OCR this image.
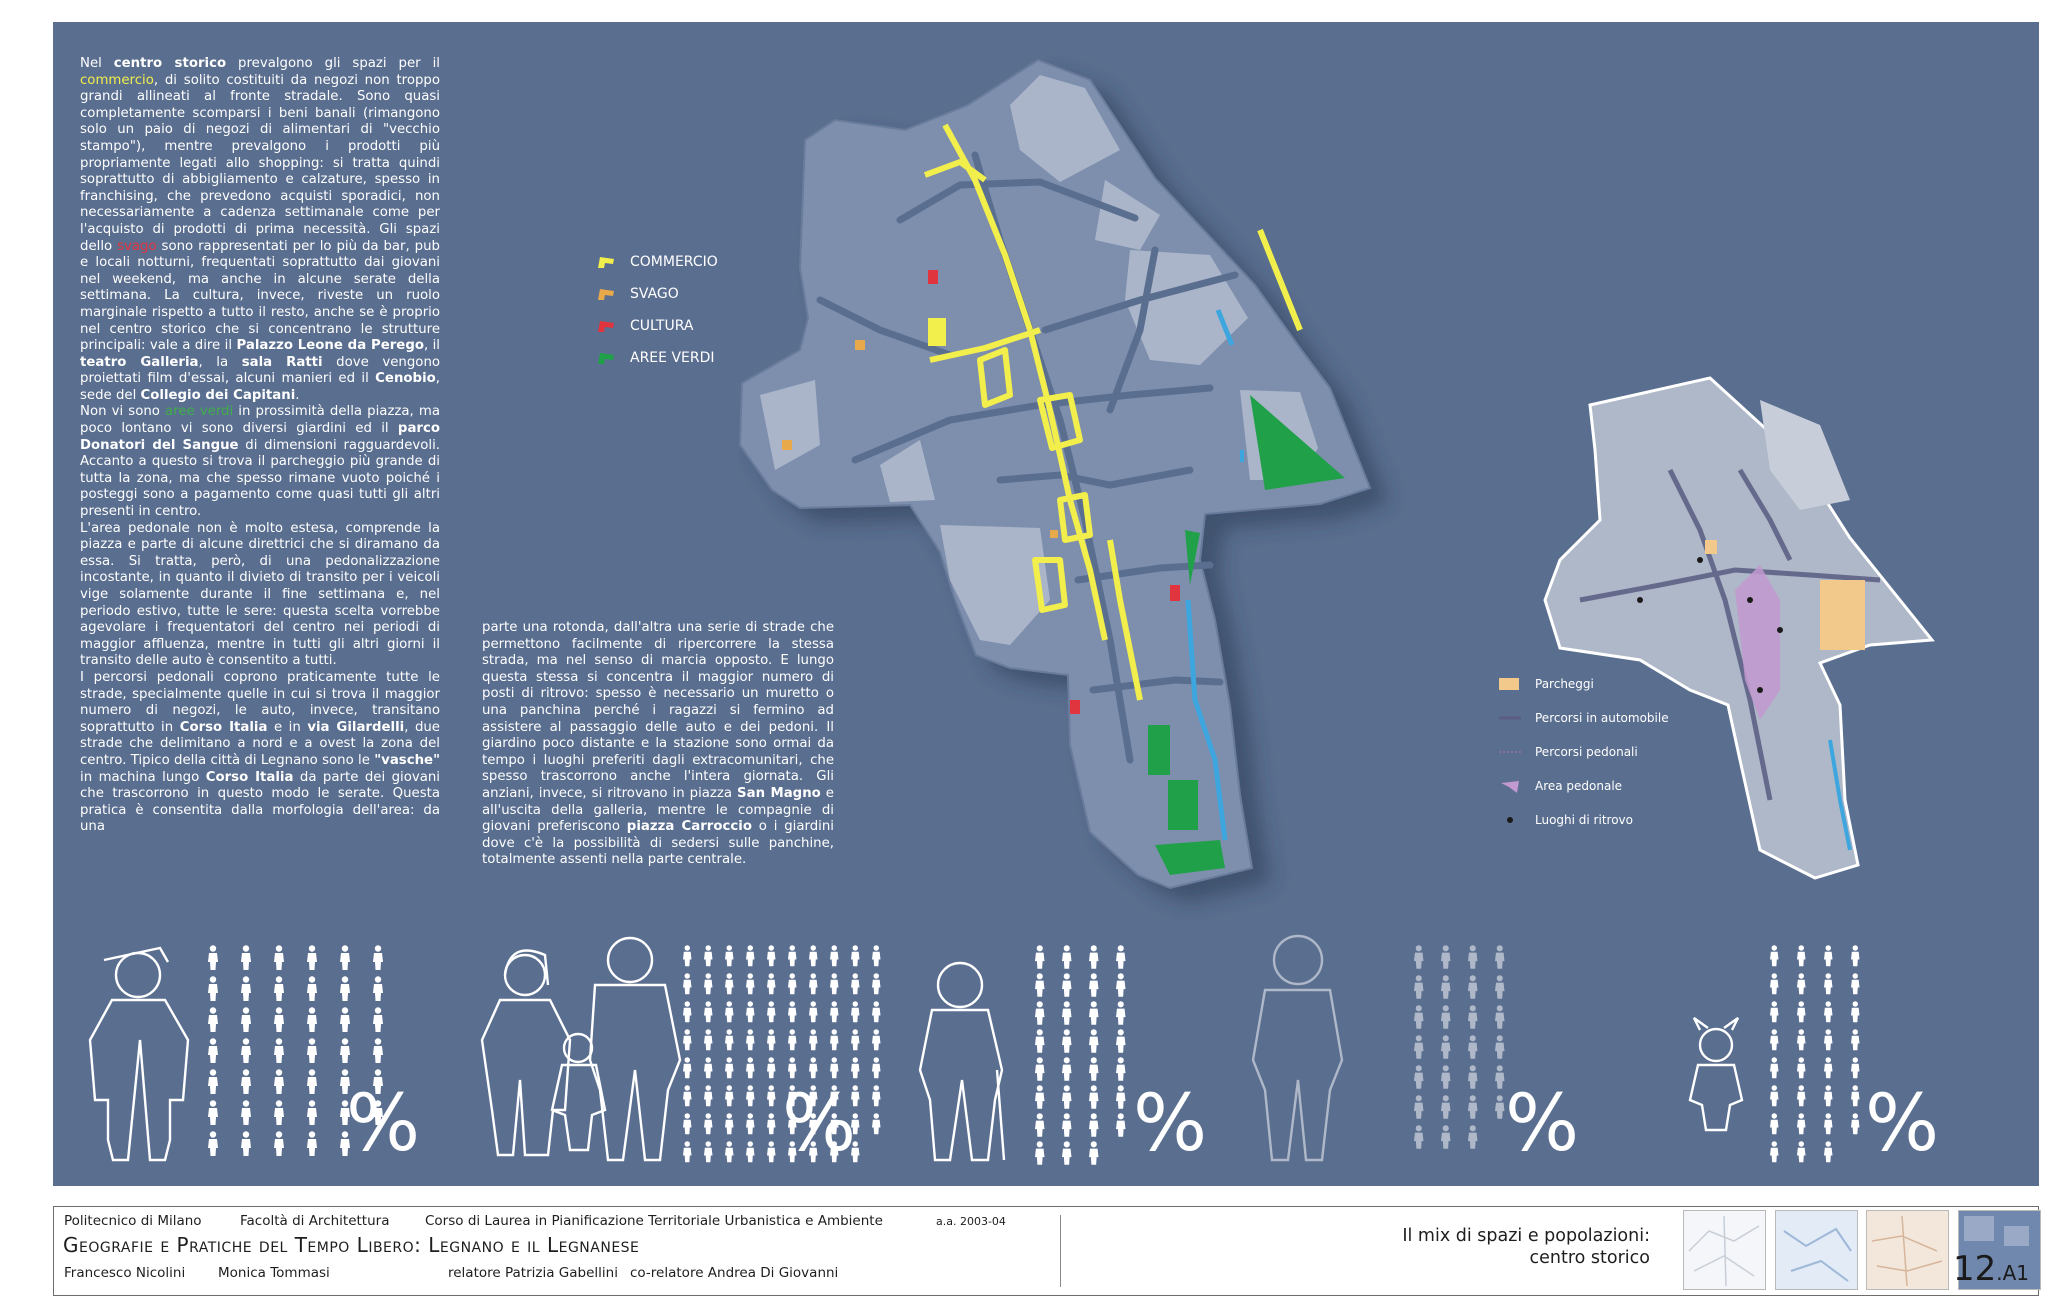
Nel centro storico prevalgono gli spazi per il commercio, di solito costituiti da negozi non troppo grandi allineati al fronte stradale. Sono quasi completamente scomparsi i beni banali (rimangono solo un paio di negozi di alimentari di "vecchio stampo"), mentre prevalgono i prodotti più propriamente legati allo shopping: si tratta quindi soprattutto di abbigliamento e calzature, spesso in franchising, che prevedono acquisti sporadici, non necessariamente a cadenza settimanale come per l'acquisto di prodotti di prima necessità. Gli spazi dello svago sono rappresentati per lo più da bar, pub e locali notturni, frequentati soprattutto dai giovani nel weekend, ma anche in alcune serate della settimana. La cultura, invece, riveste un ruolo marginale rispetto a tutto il resto, anche se è proprio nel centro storico che si concentrano le strutture principali: vale a dire il Palazzo Leone da Perego, il teatro Galleria, la sala Ratti dove vengono proiettati film d'essai, alcuni manieri ed il Cenobio, sede del Collegio dei Capitani.

Non vi sono aree verdi in prossimità della piazza, ma poco lontano vi sono diversi giardini ed il parco Donatori del Sangue di dimensioni ragguardevoli. Accanto a questo si trova il parcheggio più grande di tutta la zona, ma che spesso rimane vuoto poiché i posteggi sono a pagamento come quasi tutti gli altri presenti in centro.

L'area pedonale non è molto estesa, comprende la piazza e parte di alcune direttrici che si diramano da essa. Si tratta, però, di una pedonalizzazione incostante, in quanto il divieto di transito per i veicoli vige solamente durante il fine settimana e, nel periodo estivo, tutte le sere: questa scelta vorrebbe agevolare i frequentatori del centro nei periodi di maggior affluenza, mentre in tutti gli altri giorni il transito delle auto è consentito a tutti.

I percorsi pedonali coprono praticamente tutte le strade, specialmente quelle in cui si trova il maggior numero di negozi, le auto, invece, transitano soprattutto in Corso Italia e in via Gilardelli, due strade che delimitano a nord e a ovest la zona del centro. Tipico della città di Legnano sono le "vasche" in machina lungo Corso Italia da parte dei giovani che trascorrono in questo modo le serate. Questa pratica è consentita dalla morfologia dell'area: da una

parte una rotonda, dall'altra una serie di strade che permettono facilmente di ripercorrere la stessa strada, ma nel senso di marcia opposto. E lungo questa stessa si concentra il maggior numero di posti di ritrovo: spesso è necessario un muretto o una panchina perché i ragazzi si fermino ad assistere al passaggio delle auto e dei pedoni. Il giardino poco distante e la stazione sono ormai da tempo i luoghi preferiti dagli extracomunitari, che spesso trascorrono anche l'intera giornata. Gli anziani, invece, si ritrovano in piazza San Magno e all'uscita della galleria, mentre le compagnie di giovani preferiscono piazza Carroccio o i giardini dove c'è la possibilità di sedersi sulle panchine, totalmente assenti nella parte centrale.

COMMERCIO
SVAGO
CULTURA
AREE VERDI
Parcheggi
Percorsi in automobile
Percorsi pedonali
Area pedonale
Luoghi di ritrovo
%	%	%	%	%
Politecnico di Milano	Facoltà di Architettura	Corso di Laurea in Pianificazione Territoriale Urbanistica e Ambiente	a.a. 2003-04
Geografie e Pratiche del Tempo Libero: Legnano e il Legnanese
Francesco Nicolini Monica Tommasi	relatore Patrizia Gabellini co-relatore Andrea Di Giovanni
Il mix di spazi e popolazioni:
centro storico	12.A1
